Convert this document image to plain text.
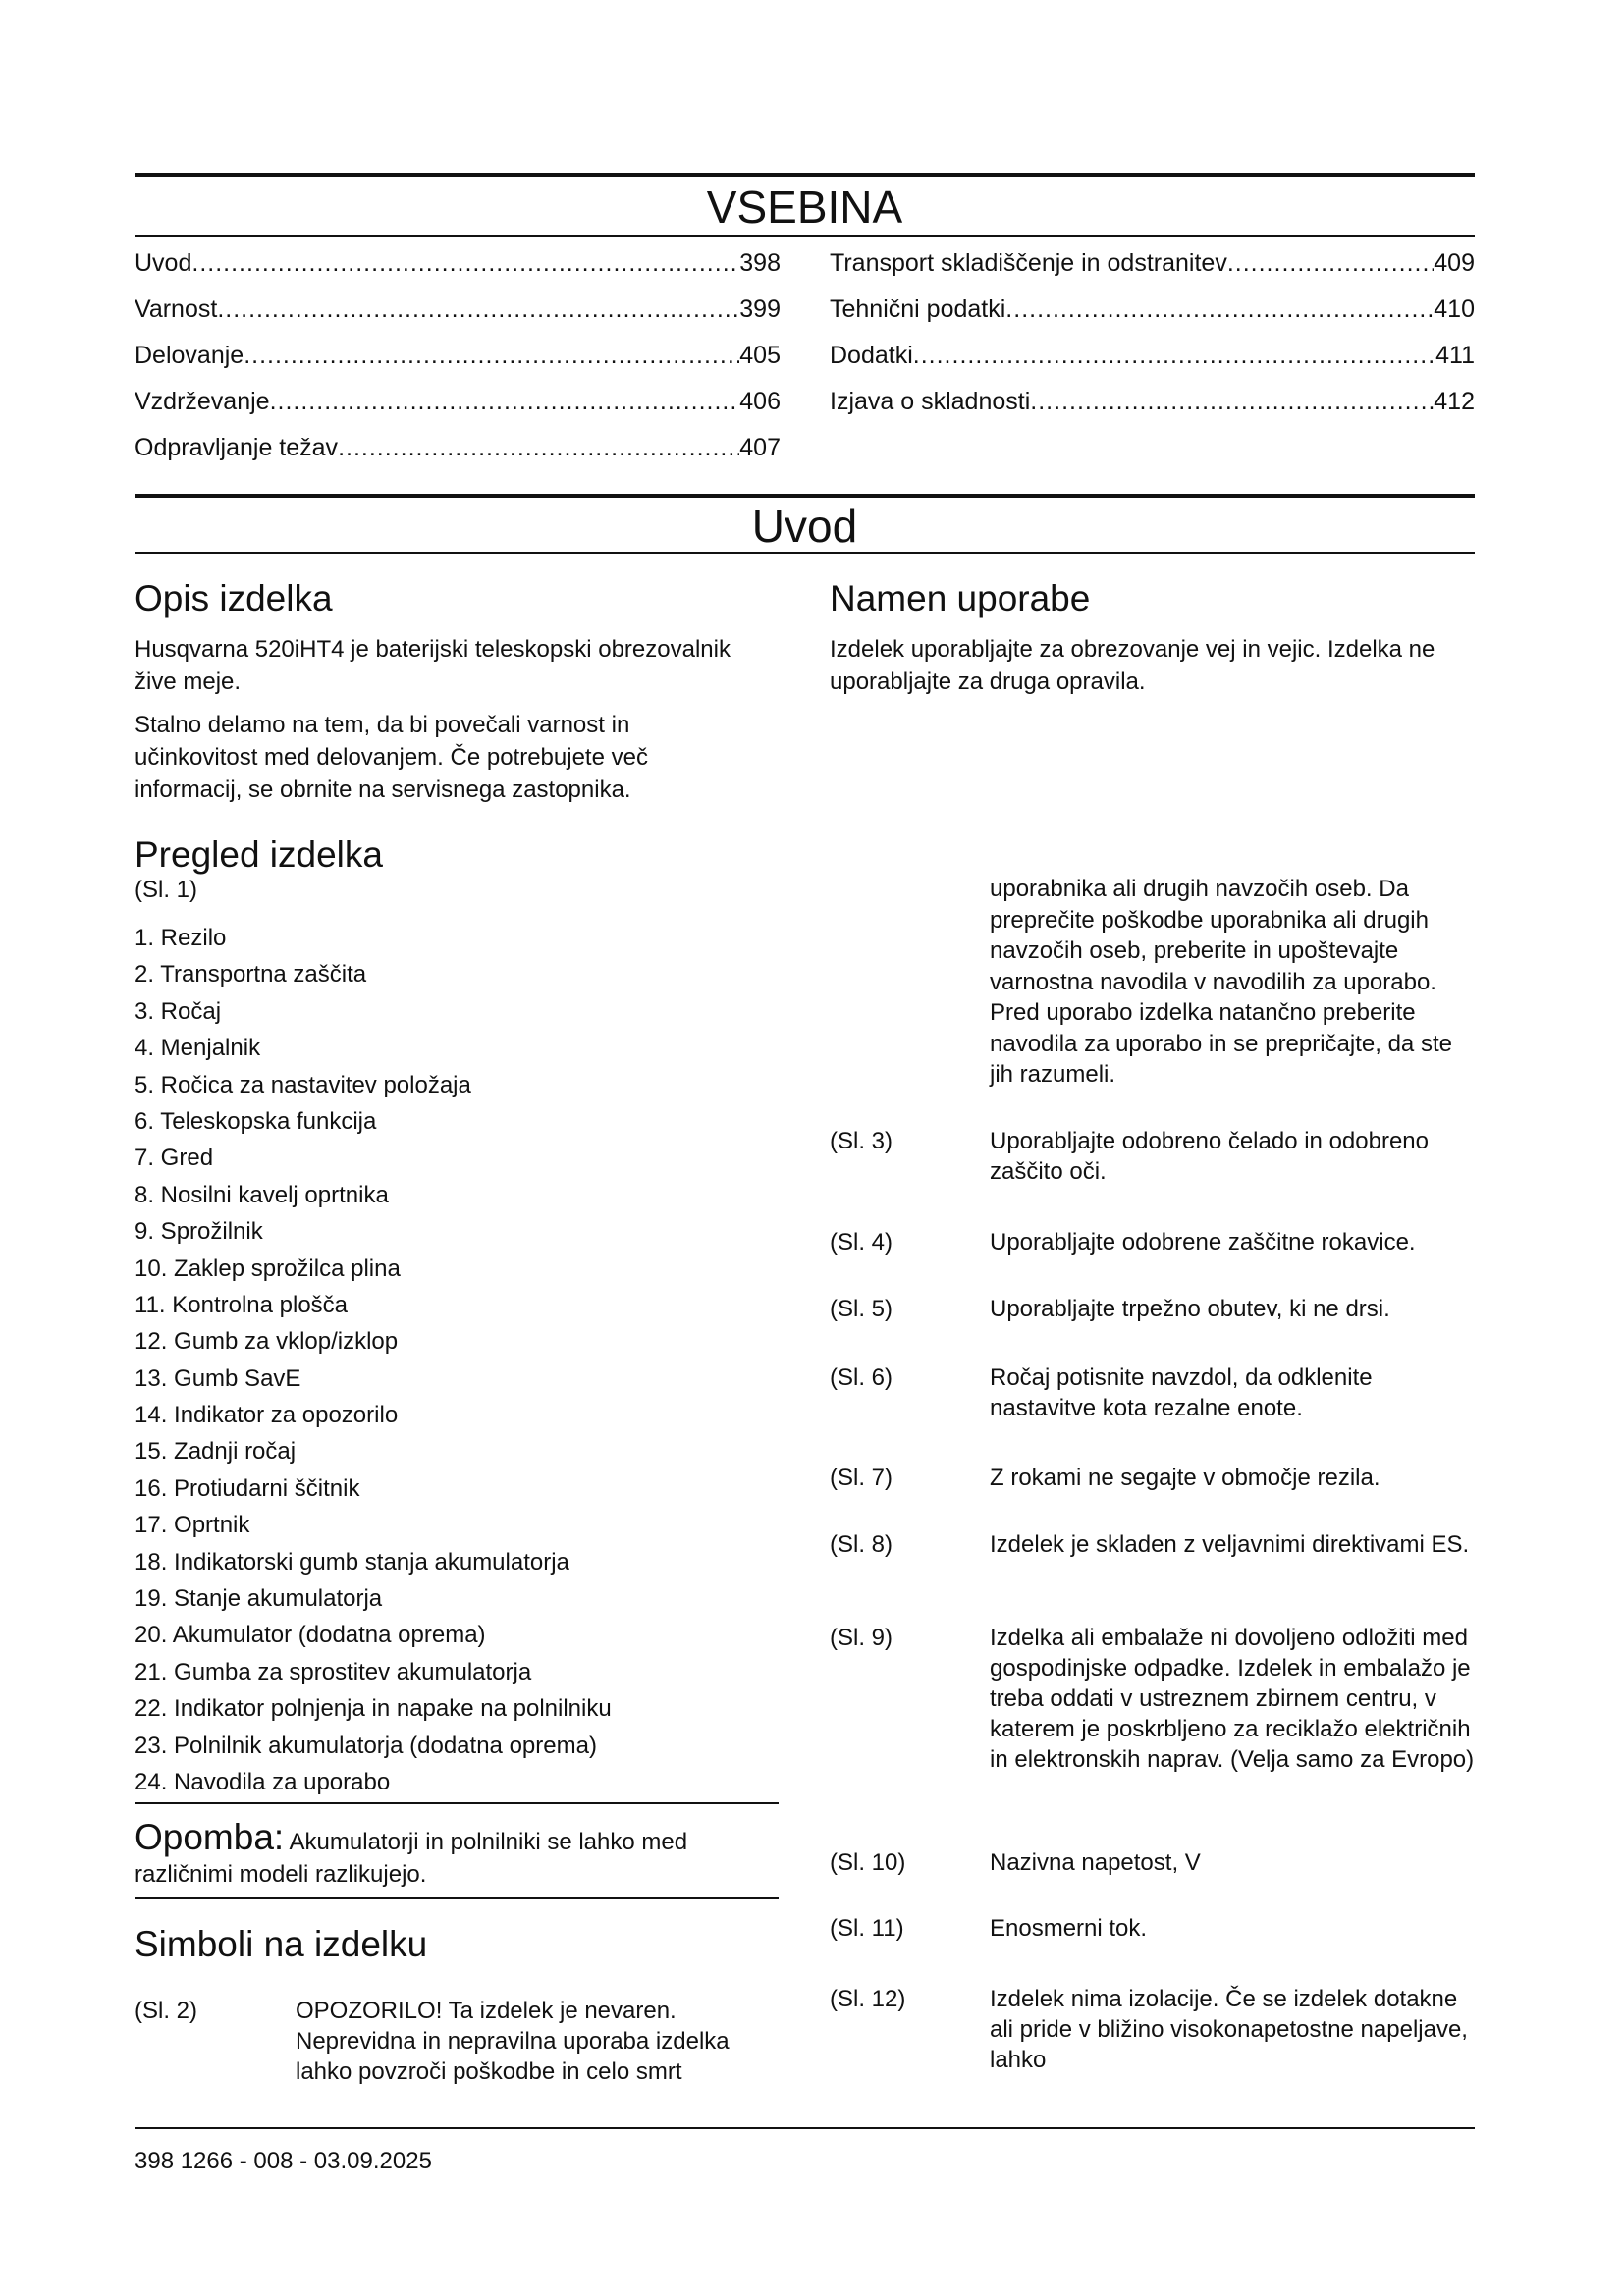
VSEBINA
Uvod .....	398
Varnost .....	399
Delovanje .....	405
Vzdrževanje .....	406
Odpravljanje težav .....	407
Transport skladiščenje in odstranitev .....	409
Tehnični podatki .....	410
Dodatki .....	411
Izjava o skladnosti .....	412
Uvod
Opis izdelka
Husqvarna 520iHT4 je baterijski teleskopski obrezovalnik žive meje.
Stalno delamo na tem, da bi povečali varnost in učinkovitost med delovanjem. Če potrebujete več informacij, se obrnite na servisnega zastopnika.
Namen uporabe
Izdelek uporabljajte za obrezovanje vej in vejic. Izdelka ne uporabljajte za druga opravila.
Pregled izdelka
(Sl. 1)
1. Rezilo
2. Transportna zaščita
3. Ročaj
4. Menjalnik
5. Ročica za nastavitev položaja
6. Teleskopska funkcija
7. Gred
8. Nosilni kavelj oprtnika
9. Sprožilnik
10. Zaklep sprožilca plina
11. Kontrolna plošča
12. Gumb za vklop/izklop
13. Gumb SavE
14. Indikator za opozorilo
15. Zadnji ročaj
16. Protiudarni ščitnik
17. Oprtnik
18. Indikatorski gumb stanja akumulatorja
19. Stanje akumulatorja
20. Akumulator (dodatna oprema)
21. Gumba za sprostitev akumulatorja
22. Indikator polnjenja in napake na polnilniku
23. Polnilnik akumulatorja (dodatna oprema)
24. Navodila za uporabo
Opomba: Akumulatorji in polnilniki se lahko med različnimi modeli razlikujejo.
Simboli na izdelku
(Sl. 2)	OPOZORILO! Ta izdelek je nevaren. Neprevidna in nepravilna uporaba izdelka lahko povzroči poškodbe in celo smrt
uporabnika ali drugih navzočih oseb. Da preprečite poškodbe uporabnika ali drugih navzočih oseb, preberite in upoštevajte varnostna navodila v navodilih za uporabo. Pred uporabo izdelka natančno preberite navodila za uporabo in se prepričajte, da ste jih razumeli.
(Sl. 3)	Uporabljajte odobreno čelado in odobreno zaščito oči.
(Sl. 4)	Uporabljajte odobrene zaščitne rokavice.
(Sl. 5)	Uporabljajte trpežno obutev, ki ne drsi.
(Sl. 6)	Ročaj potisnite navzdol, da odklenite nastavitve kota rezalne enote.
(Sl. 7)	Z rokami ne segajte v območje rezila.
(Sl. 8)	Izdelek je skladen z veljavnimi direktivami ES.
(Sl. 9)	Izdelka ali embalaže ni dovoljeno odložiti med gospodinjske odpadke. Izdelek in embalažo je treba oddati v ustreznem zbirnem centru, v katerem je poskrbljeno za reciklažo električnih in elektronskih naprav. (Velja samo za Evropo)
(Sl. 10)	Nazivna napetost, V
(Sl. 11)	Enosmerni tok.
(Sl. 12)	Izdelek nima izolacije. Če se izdelek dotakne ali pride v bližino visokonapetostne napeljave, lahko
398 1266 - 008 - 03.09.2025
